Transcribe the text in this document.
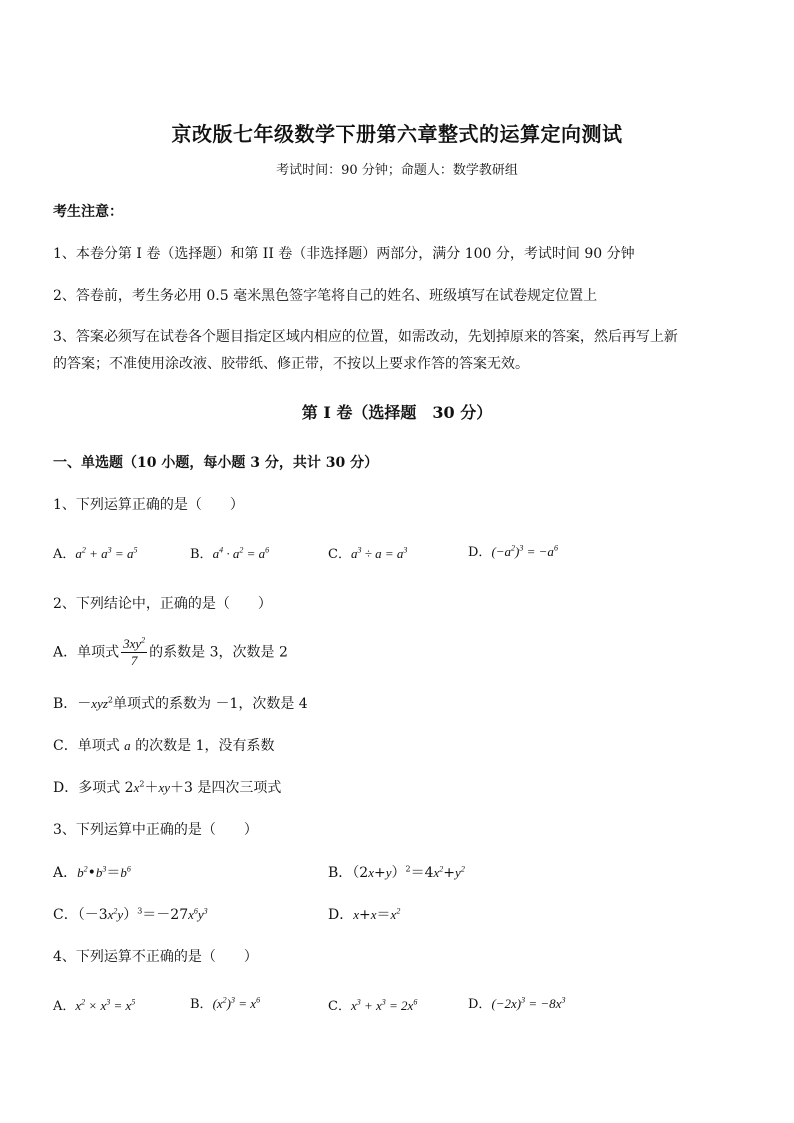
京改版七年级数学下册第六章整式的运算定向测试
考试时间：90 分钟；命题人：数学教研组
考生注意：
1、本卷分第 I 卷（选择题）和第 II 卷（非选择题）两部分，满分 100 分，考试时间 90 分钟
2、答卷前，考生务必用 0.5 毫米黑色签字笔将自己的姓名、班级填写在试卷规定位置上
3、答案必须写在试卷各个题目指定区域内相应的位置，如需改动，先划掉原来的答案，然后再写上新
的答案；不准使用涂改液、胶带纸、修正带，不按以上要求作答的答案无效。
第 I 卷（选择题　30 分）
一、单选题（10 小题，每小题 3 分，共计 30 分）
1、下列运算正确的是（　　）
A．$a^2 + a^3 = a^5$	B．$a^4 \cdot a^2 = a^6$	C．$a^3 \div a = a^3$	D．$(-a^2)^3 = -a^6$
2、下列结论中，正确的是（　　）
A．单项式 $\frac{3xy^2}{7}$ 的系数是 3，次数是 2
B．－xyz$^2$单项式的系数为 －1，次数是 4
C．单项式 a 的次数是 1，没有系数
D．多项式 $2x^2+xy+3$ 是四次三项式
3、下列运算中正确的是（　　）
A．$b^2•b^3=b^6$	B．$(2x+y)^2=4x^2+y^2$
C．$(-3x^2y)^3=-27x^6y^3$	D．$x+x=x^2$
4、下列运算不正确的是（　　）
A．$x^2 \times x^3 = x^5$	B．$(x^2)^3 = x^6$	C．$x^3 + x^3 = 2x^6$	D．$(-2x)^3 = -8x^3$
